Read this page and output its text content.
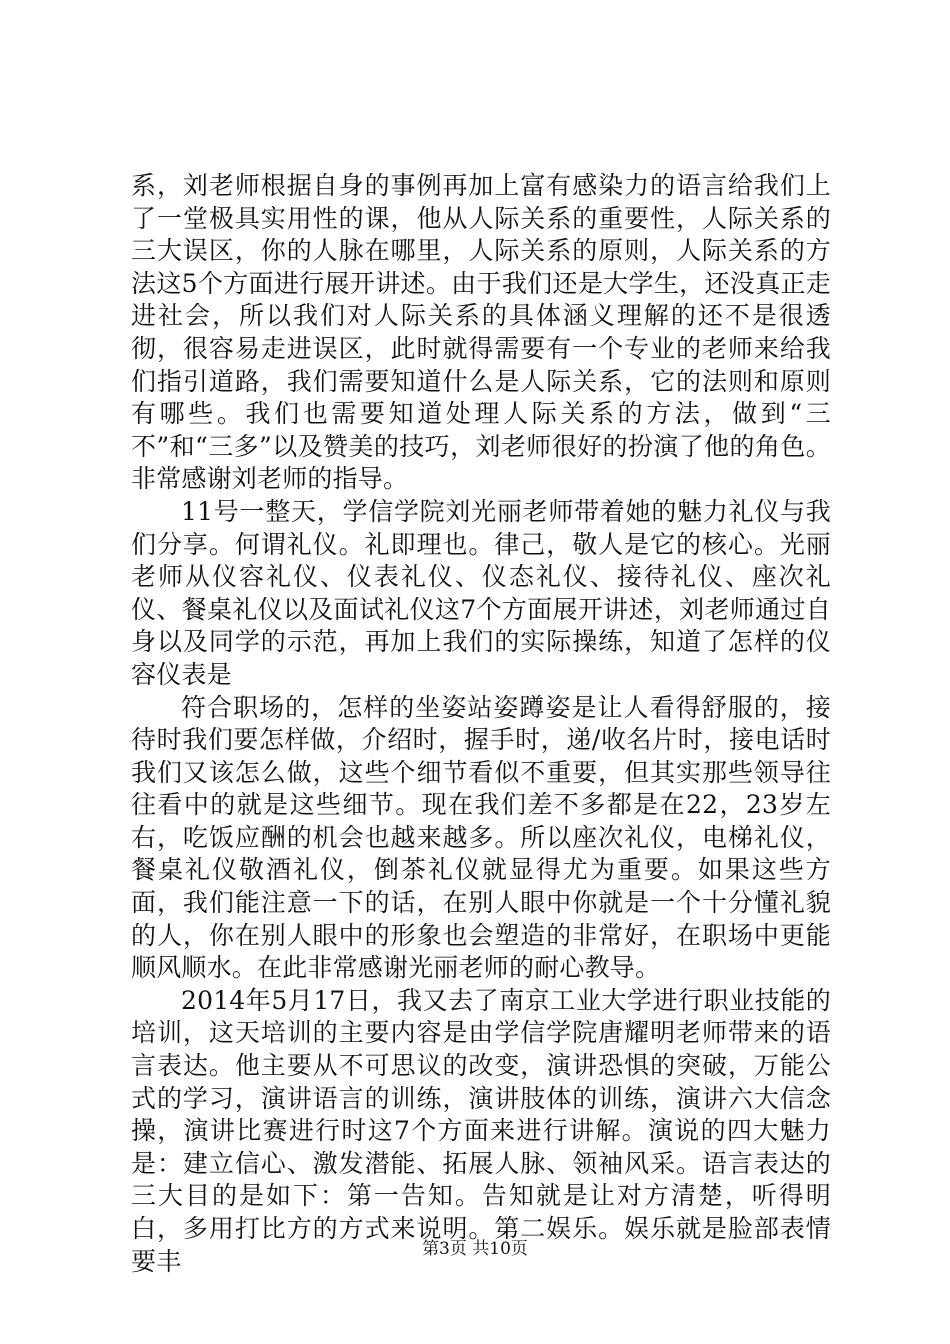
系，刘老师根据自身的事例再加上富有感染力的语言给我们上了一堂极具实用性的课，他从人际关系的重要性，人际关系的三大误区，你的人脉在哪里，人际关系的原则，人际关系的方法这5个方面进行展开讲述。由于我们还是大学生，还没真正走进社会，所以我们对人际关系的具体涵义理解的还不是很透彻，很容易走进误区，此时就得需要有一个专业的老师来给我们指引道路，我们需要知道什么是人际关系，它的法则和原则有哪些。我们也需要知道处理人际关系的方法，做到“三不”和“三多”以及赞美的技巧，刘老师很好的扮演了他的角色。非常感谢刘老师的指导。

11号一整天，学信学院刘光丽老师带着她的魅力礼仪与我们分享。何谓礼仪。礼即理也。律己，敬人是它的核心。光丽老师从仪容礼仪、仪表礼仪、仪态礼仪、接待礼仪、座次礼仪、餐桌礼仪以及面试礼仪这7个方面展开讲述，刘老师通过自身以及同学的示范，再加上我们的实际操练，知道了怎样的仪容仪表是

符合职场的，怎样的坐姿站姿蹲姿是让人看得舒服的，接待时我们要怎样做，介绍时，握手时，递/收名片时，接电话时我们又该怎么做，这些个细节看似不重要，但其实那些领导往往看中的就是这些细节。现在我们差不多都是在22，23岁左右，吃饭应酬的机会也越来越多。所以座次礼仪，电梯礼仪，餐桌礼仪敬酒礼仪，倒茶礼仪就显得尤为重要。如果这些方面，我们能注意一下的话，在别人眼中你就是一个十分懂礼貌的人，你在别人眼中的形象也会塑造的非常好，在职场中更能顺风顺水。在此非常感谢光丽老师的耐心教导。

2014年5月17日，我又去了南京工业大学进行职业技能的培训，这天培训的主要内容是由学信学院唐耀明老师带来的语言表达。他主要从不可思议的改变，演讲恐惧的突破，万能公式的学习，演讲语言的训练，演讲肢体的训练，演讲六大信念操，演讲比赛进行时这7个方面来进行讲解。演说的四大魅力是：建立信心、激发潜能、拓展人脉、领袖风采。语言表达的三大目的是如下：第一告知。告知就是让对方清楚，听得明白，多用打比方的方式来说明。第二娱乐。娱乐就是脸部表情要丰	第3页 共10页
